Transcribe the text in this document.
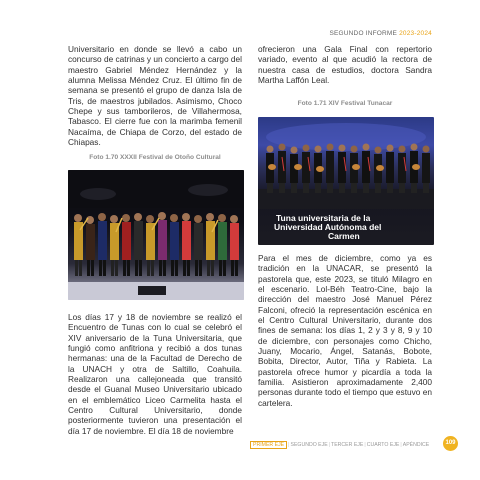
SEGUNDO INFORME 2023-2024

Universitario en donde se llevó a cabo un concurso de catrinas y un concierto a cargo del maestro Gabriel Méndez Hernández y la alumna Melissa Méndez Cruz. El último fin de semana se presentó el grupo de danza Isla de Tris, de maestros jubilados. Asimismo, Choco Chepe y sus tamborileros, de Villahermosa, Tabasco. El cierre fue con la marimba femenil Nacaíma, de Chiapa de Corzo, del estado de Chiapas.

Foto 1.70 XXXII Festival de Otoño Cultural

Los días 17 y 18 de noviembre se realizó el Encuentro de Tunas con lo cual se celebró el XIV aniversario de la Tuna Universitaria, que fungió como anfitriona y recibió a dos tunas hermanas: una de la Facultad de Derecho de la UNACH y otra de Saltillo, Coahuila. Realizaron una callejoneada que transitó desde el Guanal Museo Universitario ubicado en el emblemático Liceo Carmelita hasta el Centro Cultural Universitario, donde posteriormente tuvieron una presentación el día 17 de noviembre. El día 18 de noviembre

ofrecieron una Gala Final con repertorio variado, evento al que acudió la rectora de nuestra casa de estudios, doctora Sandra Martha Laffón Leal.

Foto 1.71 XIV Festival Tunacar

Tuna universitaria de la
Universidad Autónoma del
Carmen

Para el mes de diciembre, como ya es tradición en la UNACAR, se presentó la pastorela que, este 2023, se tituló Milagro en el escenario. Lol-Béh Teatro-Cine, bajo la dirección del maestro José Manuel Pérez Falconi, ofreció la representación escénica en el Centro Cultural Universitario, durante dos fines de semana: los días 1, 2 y 3 y 8, 9 y 10 de diciembre, con personajes como Chicho, Juany, Mocario, Ángel, Satanás, Bobote, Bobita, Director, Autor, Tiña y Rabieta. La pastorela ofrece humor y picardía a toda la familia. Asistieron aproximadamente 2,400 personas durante todo el tiempo que estuvo en cartelera.

PRIMER EJE |SEGUNDO EJE|TERCER EJE|CUARTO EJE|APÉNDICE	109
